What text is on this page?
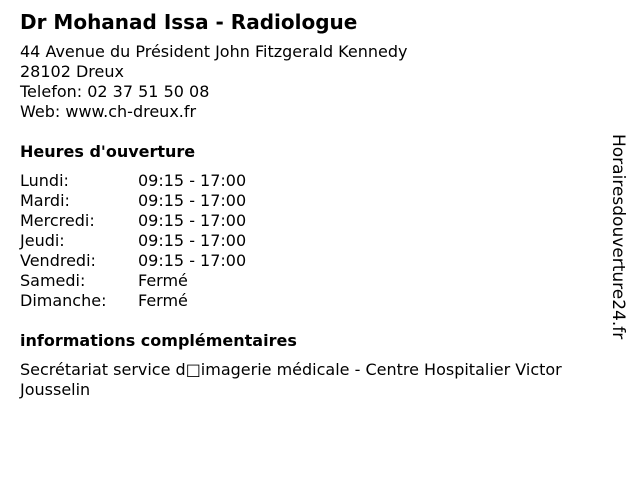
Dr Mohanad Issa - Radiologue
44 Avenue du Président John Fitzgerald Kennedy
28102 Dreux
Telefon: 02 37 51 50 08
Web: www.ch-dreux.fr
Heures d'ouverture
Lundi:	09:15 - 17:00
Mardi:	09:15 - 17:00
Mercredi:	09:15 - 17:00
Jeudi:	09:15 - 17:00
Vendredi:	09:15 - 17:00
Samedi:	Fermé
Dimanche:	Fermé
informations complémentaires
Secrétariat service d□imagerie médicale - Centre Hospitalier Victor Jousselin
Horairesdouverture24.fr
